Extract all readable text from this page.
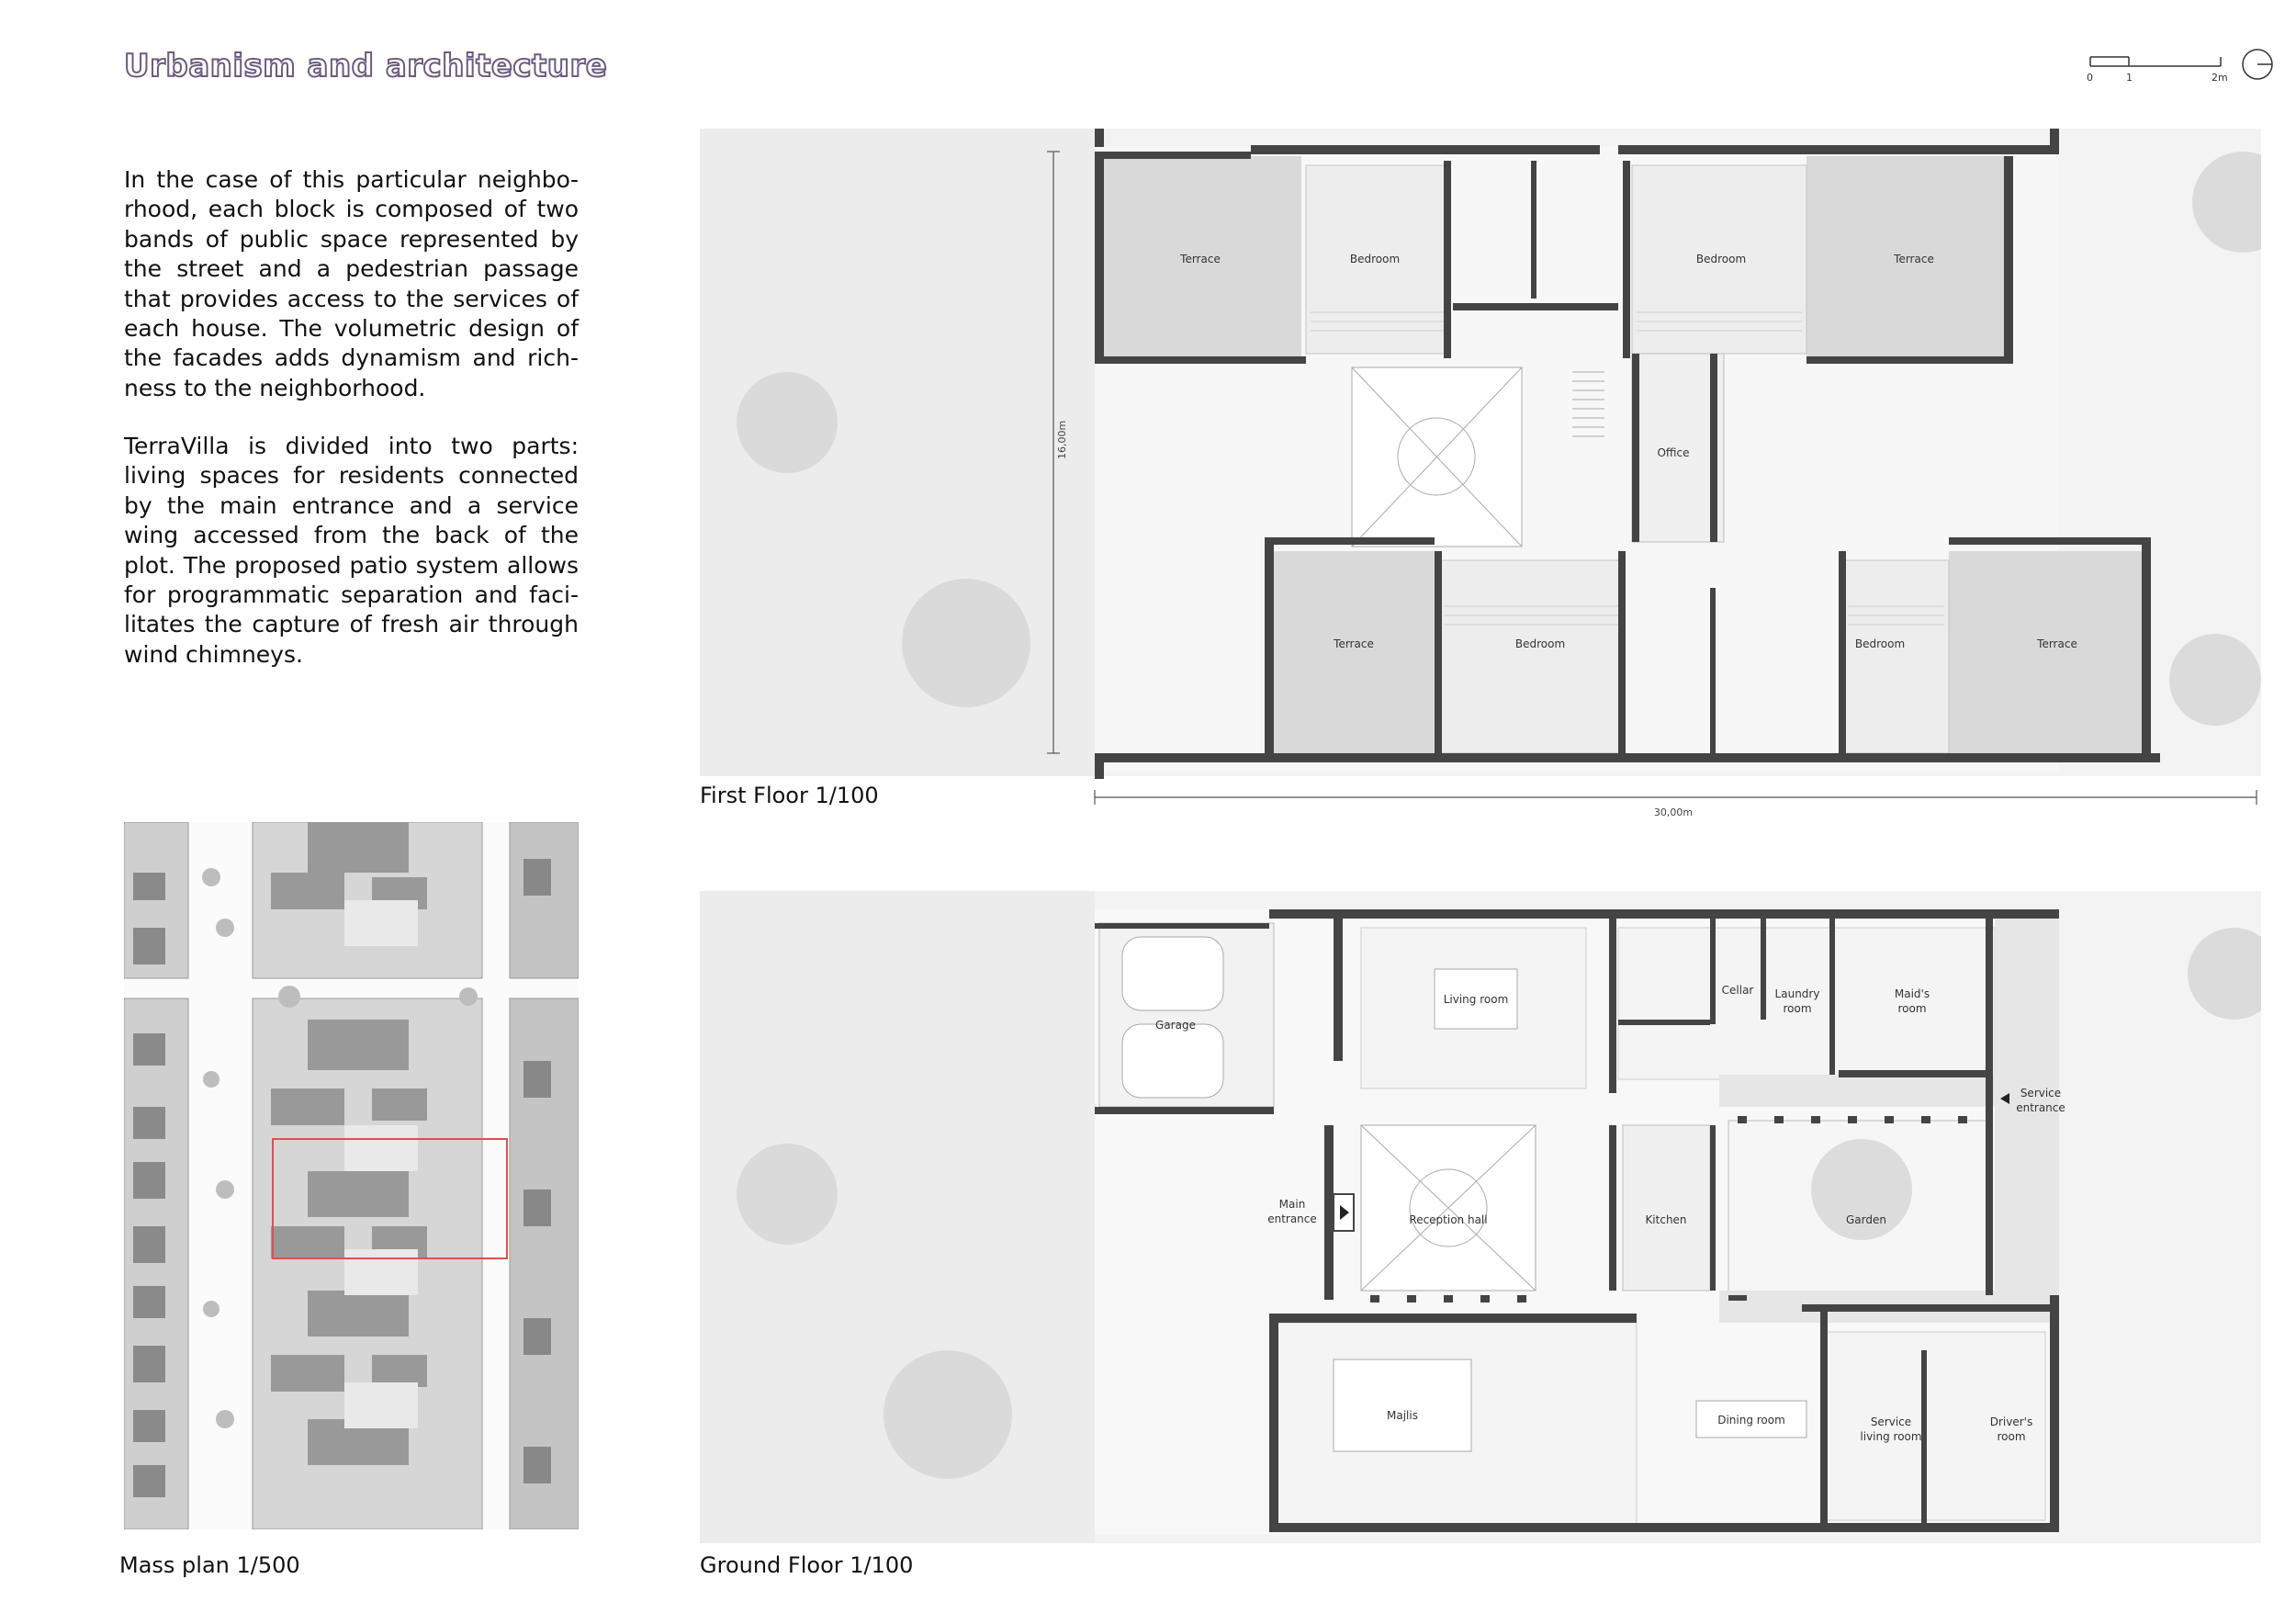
Urbanism and architecture
In the case of this particular neighborhood, each block is composed of two bands of public space represented by the street and a pedestrian passage that provides access to the services of each house. The volumetric design of the facades adds dynamism and richness to the neighborhood.
TerraVilla is divided into two parts: living spaces for residents connected by the main entrance and a service wing accessed from the back of the plot. The proposed patio system allows for programmatic separation and facilitates the capture of fresh air through wind chimneys.
0	1	2m
Mass plan 1/500
16,00m
Terrace	Bedroom	Bedroom	Terrace
Office
Terrace	Bedroom	Bedroom	Terrace
30,00m
First Floor 1/100
Garage
Living room
Cellar Laundry
room
Maid's
room
Service
entrance
Main
entrance	Reception hall	Kitchen	Garden
Majlis	Dining room	Service
living room
Driver's
room
Ground Floor 1/100
